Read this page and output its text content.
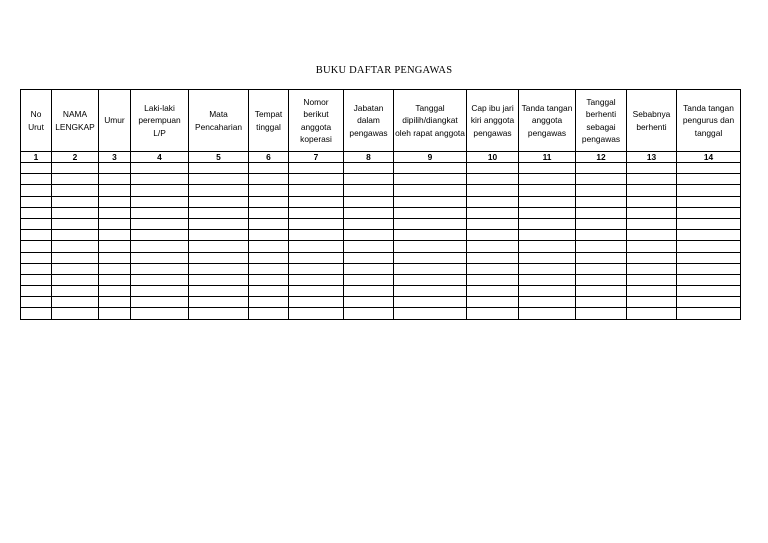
BUKU DAFTAR PENGAWAS
No Urut	NAMA LENGKAP	Umur	Laki-laki perempuan L/P	Mata Pencaharian	Tempat tinggal	Nomor berikut anggota koperasi	Jabatan dalam pengawas	Tanggal dipilih/diangkat oleh rapat anggota	Cap ibu jari kiri anggota pengawas	Tanda tangan anggota pengawas	Tanggal berhenti sebagai pengawas	Sebabnya berhenti	Tanda tangan pengurus dan tanggal
1	2	3	4	5	6	7	8	9	10	11	12	13	14
